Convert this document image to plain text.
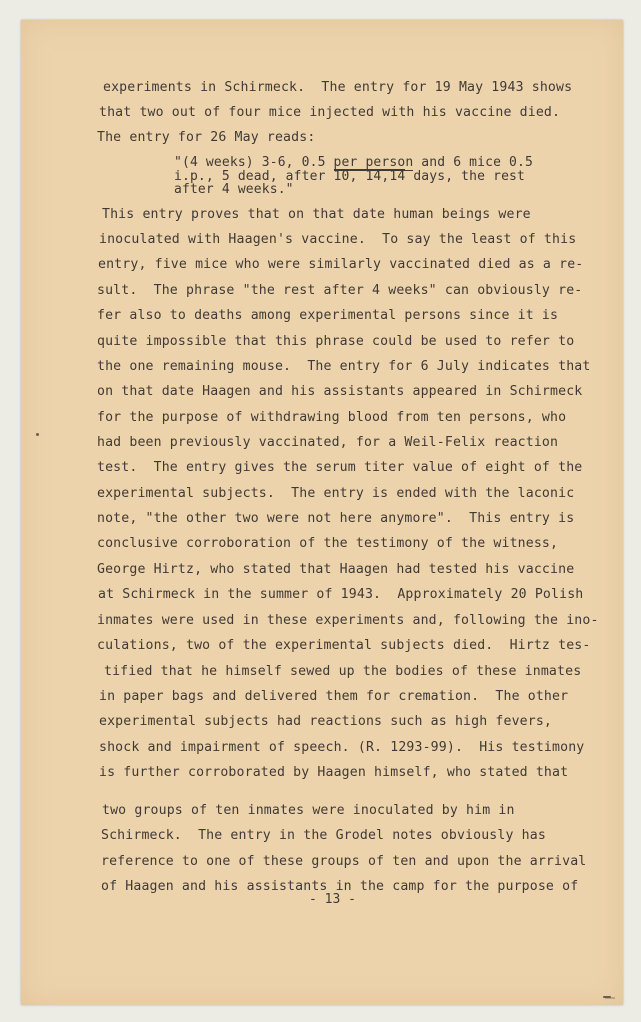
experiments in Schirmeck.  The entry for 19 May 1943 shows
that two out of four mice injected with his vaccine died.
The entry for 26 May reads:
"(4 weeks) 3-6, 0.5 per person and 6 mice 0.5
i.p., 5 dead, after 10, 14,14 days, the rest
after 4 weeks."
This entry proves that on that date human beings were
inoculated with Haagen's vaccine.  To say the least of this
entry, five mice who were similarly vaccinated died as a re-
sult.  The phrase "the rest after 4 weeks" can obviously re-
fer also to deaths among experimental persons since it is
quite impossible that this phrase could be used to refer to
the one remaining mouse.  The entry for 6 July indicates that
on that date Haagen and his assistants appeared in Schirmeck
for the purpose of withdrawing blood from ten persons, who
had been previously vaccinated, for a Weil-Felix reaction
test.  The entry gives the serum titer value of eight of the
experimental subjects.  The entry is ended with the laconic
note, "the other two were not here anymore".  This entry is
conclusive corroboration of the testimony of the witness,
George Hirtz, who stated that Haagen had tested his vaccine
at Schirmeck in the summer of 1943.  Approximately 20 Polish
inmates were used in these experiments and, following the ino-
culations, two of the experimental subjects died.  Hirtz tes-
tified that he himself sewed up the bodies of these inmates
in paper bags and delivered them for cremation.  The other
experimental subjects had reactions such as high fevers,
shock and impairment of speech. (R. 1293-99).  His testimony
is further corroborated by Haagen himself, who stated that
two groups of ten inmates were inoculated by him in
Schirmeck.  The entry in the Grodel notes obviously has
reference to one of these groups of ten and upon the arrival
of Haagen and his assistants in the camp for the purpose of
- 13 -
